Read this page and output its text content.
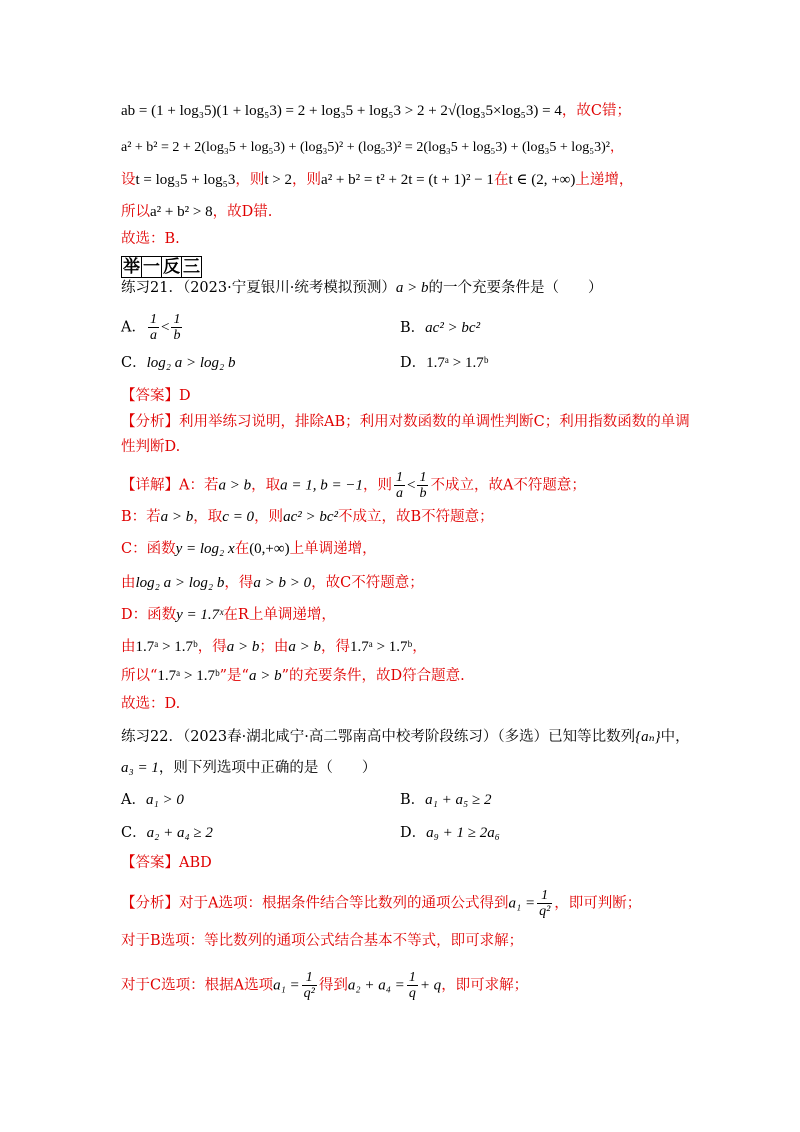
ab = (1 + log₃5)(1 + log₅3) = 2 + log₃5 + log₅3 > 2 + 2√(log₃5×log₅3) = 4，故C错；
a² + b² = 2 + 2(log₃5 + log₅3) + (log₃5)² + (log₅3)² = 2(log₃5 + log₅3) + (log₃5 + log₅3)²，
设t = log₃5 + log₅3，则t > 2，则a² + b² = t² + 2t = (t + 1)² − 1在t ∈ (2, +∞)上递增，
所以a² + b² > 8，故D错.
故选：B.
举 一 反 三
练习21．（2023·宁夏银川·统考模拟预测）a > b的一个充要条件是（　　）
A． $\frac{1}{a} < \frac{1}{b}$	B．ac² > bc²
C．log₂ a > log₂ b	D．1.7ᵃ > 1.7ᵇ
【答案】D
【分析】利用举练习说明，排除AB；利用对数函数的单调性判断C；利用指数函数的单调
性判断D.
【详解】A：若a > b，取a = 1, b = −1，则 $\frac{1}{a} < \frac{1}{b}$ 不成立，故A不符题意；
B：若a > b，取c = 0，则ac² > bc²不成立，故B不符题意；
C：函数y = log₂ x在(0,+∞)上单调递增，
由log₂ a > log₂ b，得a > b > 0，故C不符题意；
D：函数y = 1.7ˣ在R上单调递增，
由1.7ᵃ > 1.7ᵇ，得a > b；由a > b，得1.7ᵃ > 1.7ᵇ，
所以“1.7ᵃ > 1.7ᵇ”是“a > b”的充要条件，故D符合题意.
故选：D.
练习22．（2023春·湖北咸宁·高二鄂南高中校考阶段练习）（多选）已知等比数列{aₙ}中，
a₃ = 1，则下列选项中正确的是（　　）
A．a₁ > 0	B．a₁ + a₅ ≥ 2
C．a₂ + a₄ ≥ 2	D．a₉ + 1 ≥ 2a₆
【答案】ABD
【分析】对于A选项：根据条件结合等比数列的通项公式得到$a_1 = \frac{1}{\text{q²}}$ ，即可判断；
对于B选项：等比数列的通项公式结合基本不等式，即可求解；
对于C选项：根据A选项$a_1 = \frac{1}{\text{q²}}$ 得到$a_2 + a_4 = \frac{1}{q} + q$，即可求解；
